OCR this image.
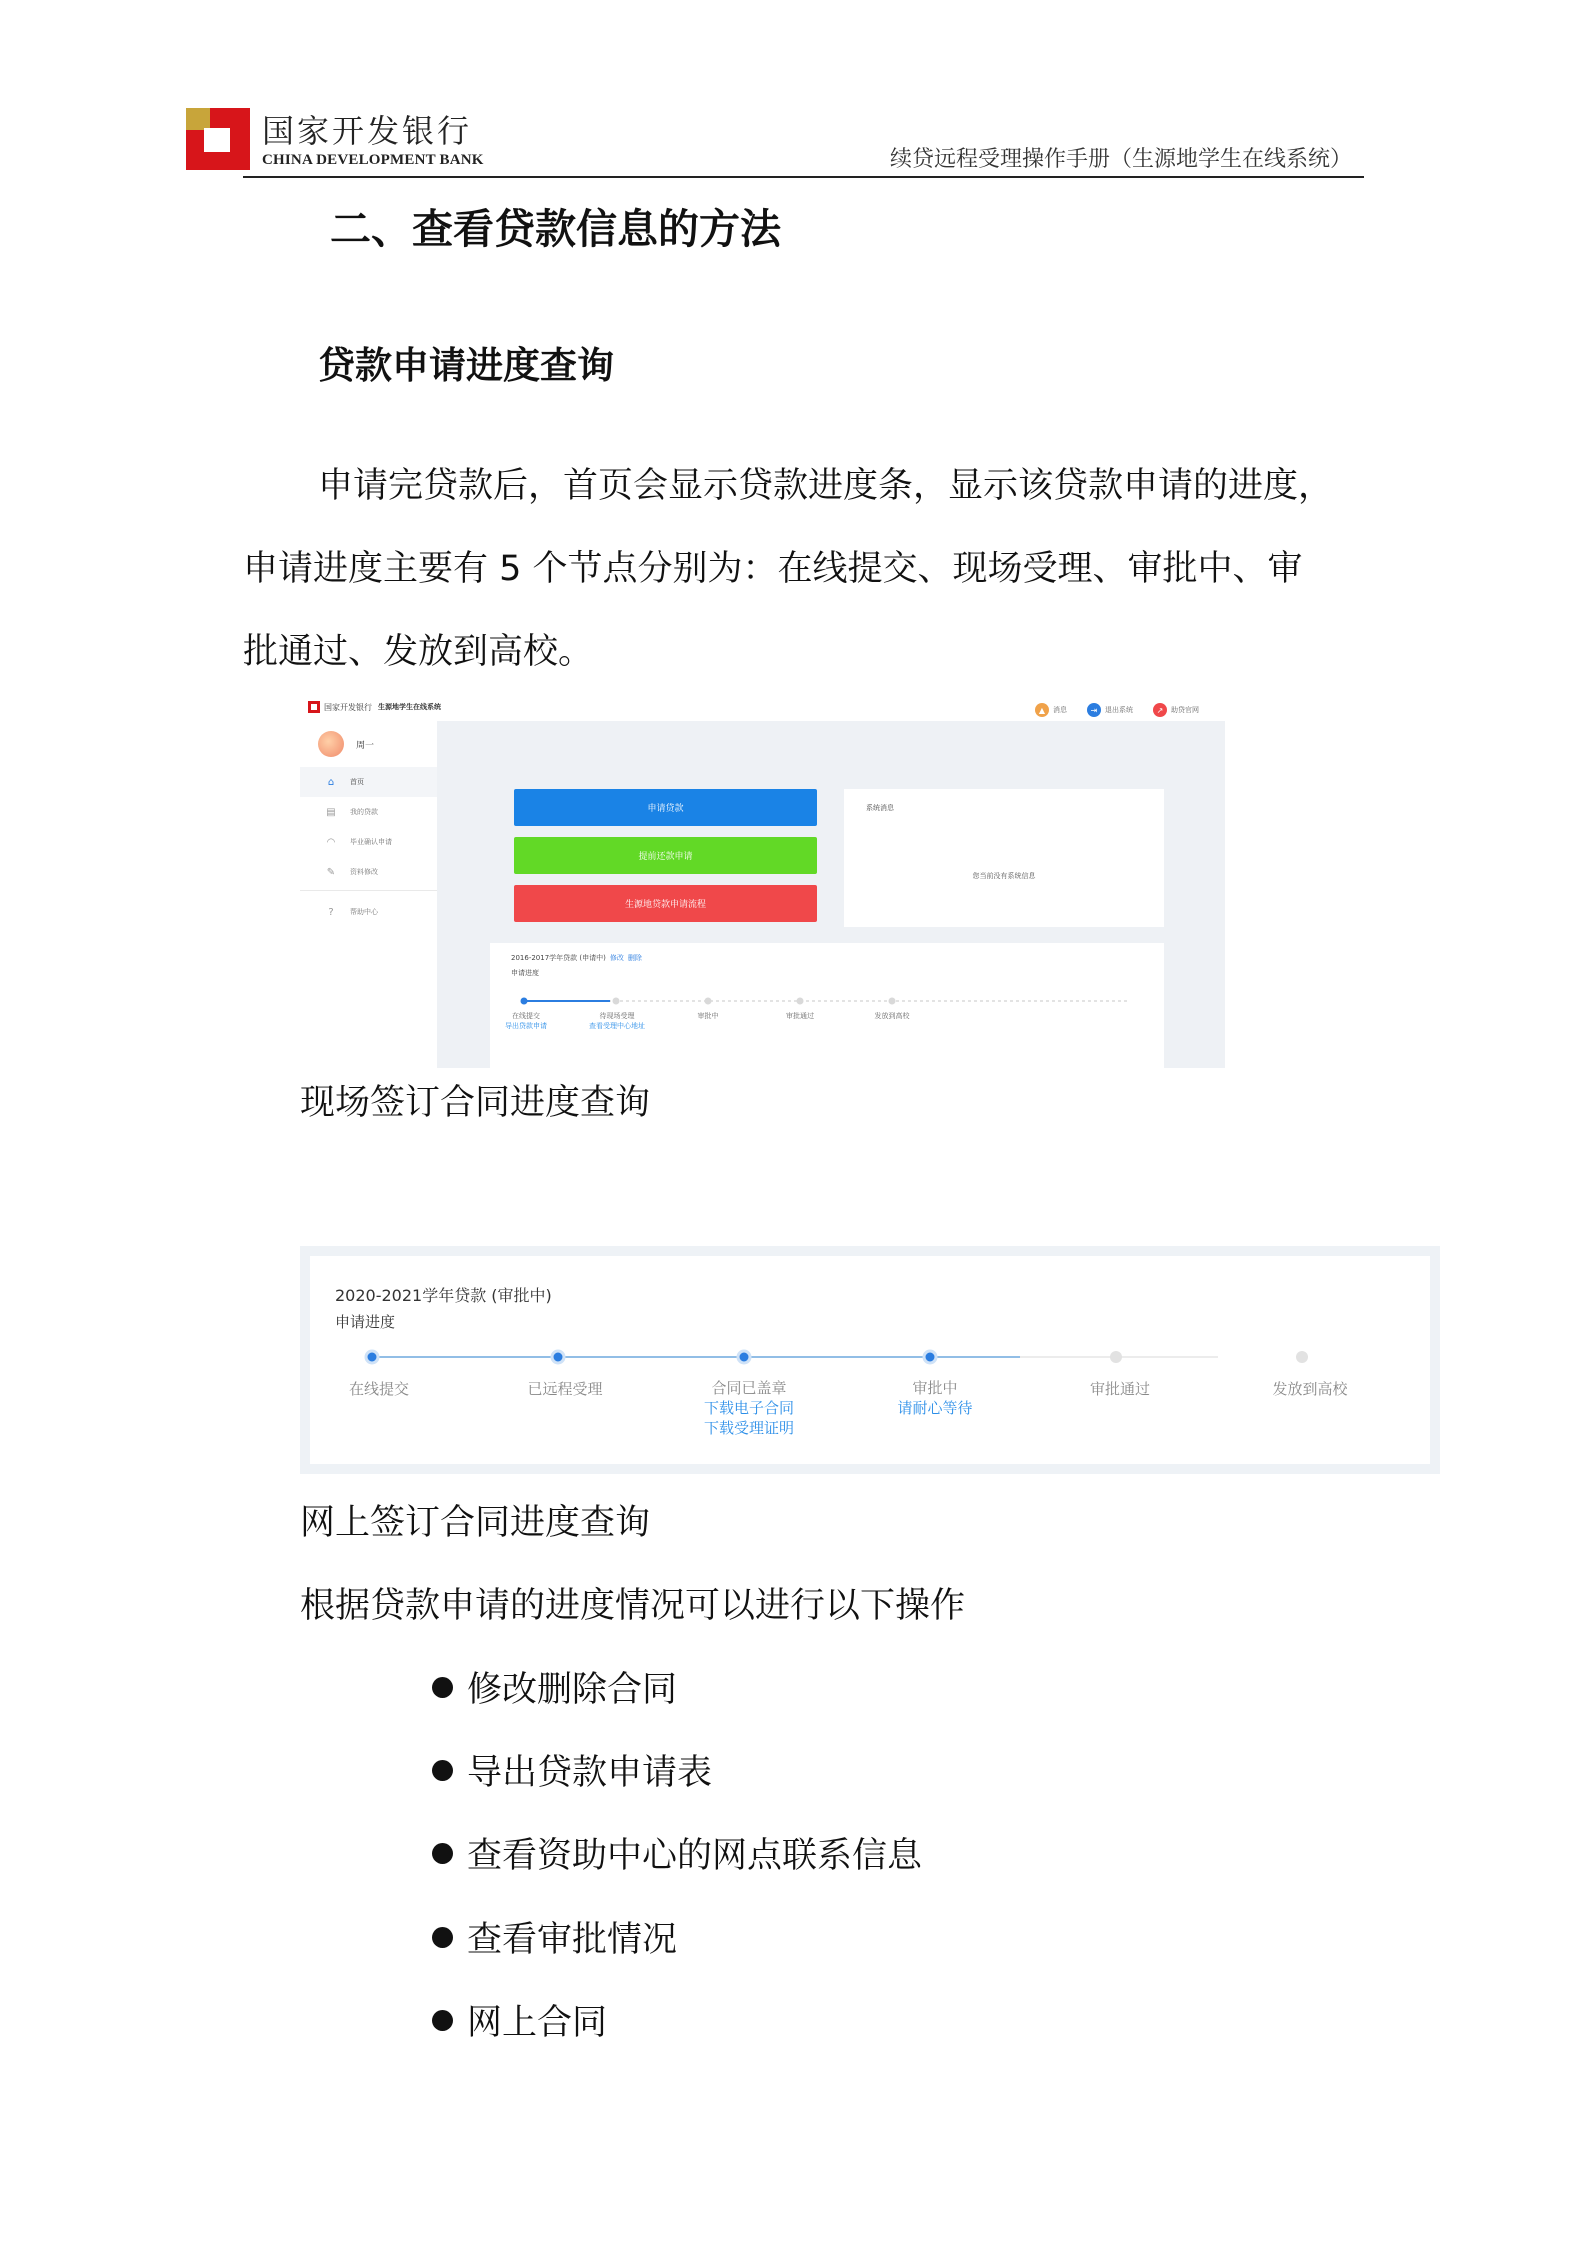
国家开发银行
CHINA DEVELOPMENT BANK	续贷远程受理操作手册（生源地学生在线系统）
二、查看贷款信息的方法
贷款申请进度查询
申请完贷款后，首页会显示贷款进度条，显示该贷款申请的进度，
申请进度主要有 5 个节点分别为：在线提交、现场受理、审批中、审
批通过、发放到高校。
国家开发银行 生源地学生在线系统	▲	消息	⇥	退出系统	↗	助贷官网
周一
⌂	首页
▤	我的贷款
◠	毕业确认申请
✎	资料修改
?	帮助中心
申请贷款
提前还款申请
生源地贷款申请流程
系统消息
您当前没有系统信息
2016-2017学年贷款 (申请中) 修改 删除
申请进度
在线提交
导出贷款申请
待现场受理
查看受理中心地址
审批中	审批通过	发放到高校
现场签订合同进度查询
2020-2021学年贷款 (审批中)
申请进度
在线提交	已远程受理	合同已盖章
下载电子合同
下载受理证明
审批中
请耐心等待
审批通过	发放到高校
网上签订合同进度查询
根据贷款申请的进度情况可以进行以下操作
修改删除合同
导出贷款申请表
查看资助中心的网点联系信息
查看审批情况
网上合同
